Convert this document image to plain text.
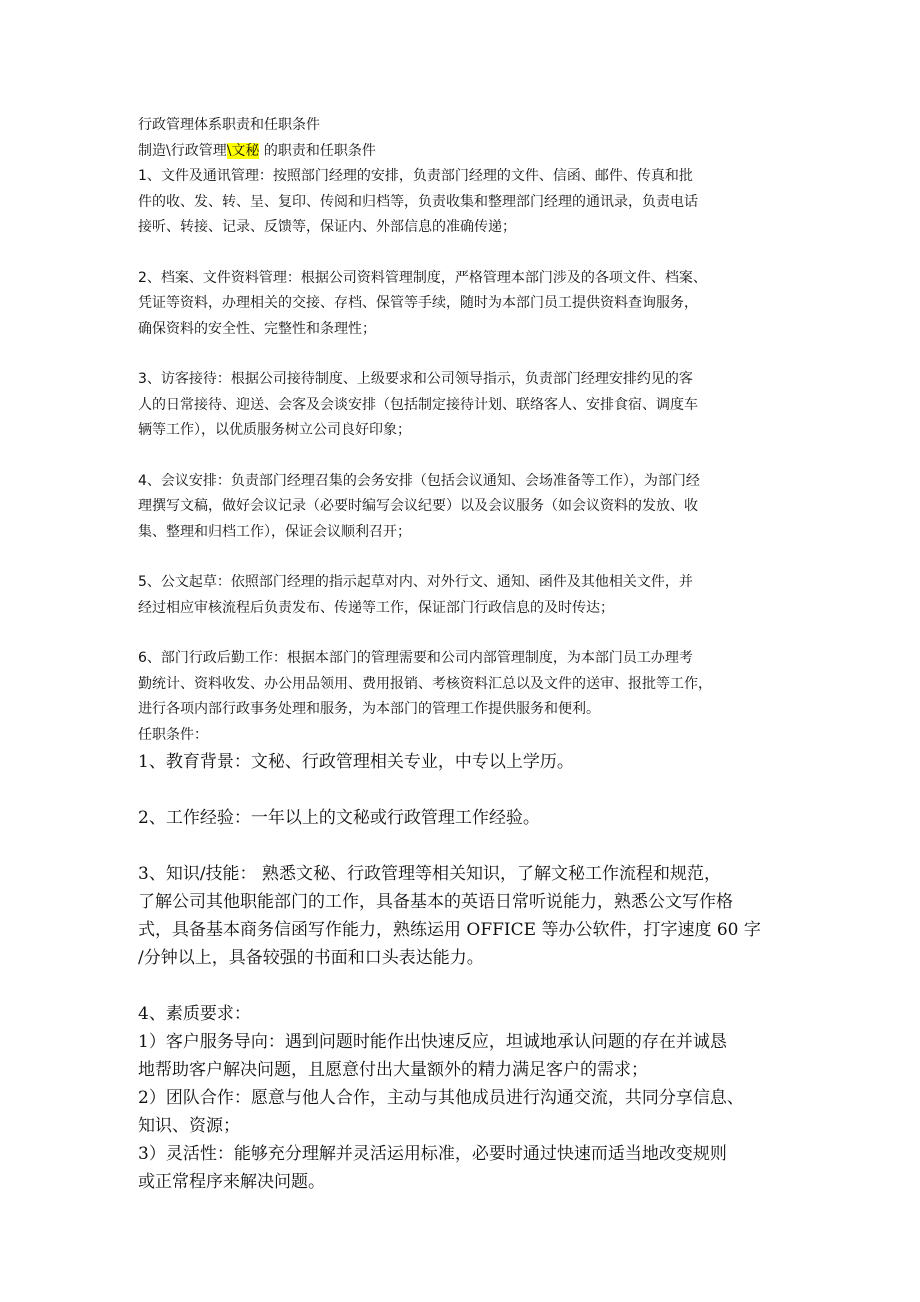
行政管理体系职责和任职条件

制造\行政管理\文秘 的职责和任职条件

1、文件及通讯管理：按照部门经理的安排，负责部门经理的文件、信函、邮件、传真和批

件的收、发、转、呈、复印、传阅和归档等，负责收集和整理部门经理的通讯录，负责电话

接听、转接、记录、反馈等，保证内、外部信息的准确传递；

2、档案、文件资料管理：根据公司资料管理制度，严格管理本部门涉及的各项文件、档案、

凭证等资料，办理相关的交接、存档、保管等手续，随时为本部门员工提供资料查询服务，

确保资料的安全性、完整性和条理性；

3、访客接待：根据公司接待制度、上级要求和公司领导指示，负责部门经理安排约见的客

人的日常接待、迎送、会客及会谈安排（包括制定接待计划、联络客人、安排食宿、调度车

辆等工作），以优质服务树立公司良好印象；

4、会议安排：负责部门经理召集的会务安排（包括会议通知、会场准备等工作），为部门经

理撰写文稿，做好会议记录（必要时编写会议纪要）以及会议服务（如会议资料的发放、收

集、整理和归档工作），保证会议顺利召开；

5、公文起草：依照部门经理的指示起草对内、对外行文、通知、函件及其他相关文件，并

经过相应审核流程后负责发布、传递等工作，保证部门行政信息的及时传达；

6、部门行政后勤工作：根据本部门的管理需要和公司内部管理制度，为本部门员工办理考

勤统计、资料收发、办公用品领用、费用报销、考核资料汇总以及文件的送审、报批等工作，

进行各项内部行政事务处理和服务，为本部门的管理工作提供服务和便利。

任职条件：

1、教育背景：文秘、行政管理相关专业，中专以上学历。

2、工作经验：一年以上的文秘或行政管理工作经验。

3、知识/技能： 熟悉文秘、行政管理等相关知识，了解文秘工作流程和规范，

了解公司其他职能部门的工作，具备基本的英语日常听说能力，熟悉公文写作格

式，具备基本商务信函写作能力，熟练运用 OFFICE 等办公软件，打字速度 60 字

/分钟以上，具备较强的书面和口头表达能力。

4、素质要求：

1）客户服务导向：遇到问题时能作出快速反应，坦诚地承认问题的存在并诚恳

地帮助客户解决问题，且愿意付出大量额外的精力满足客户的需求；

2）团队合作：愿意与他人合作，主动与其他成员进行沟通交流，共同分享信息、

知识、资源；

3）灵活性：能够充分理解并灵活运用标准，必要时通过快速而适当地改变规则

或正常程序来解决问题。
